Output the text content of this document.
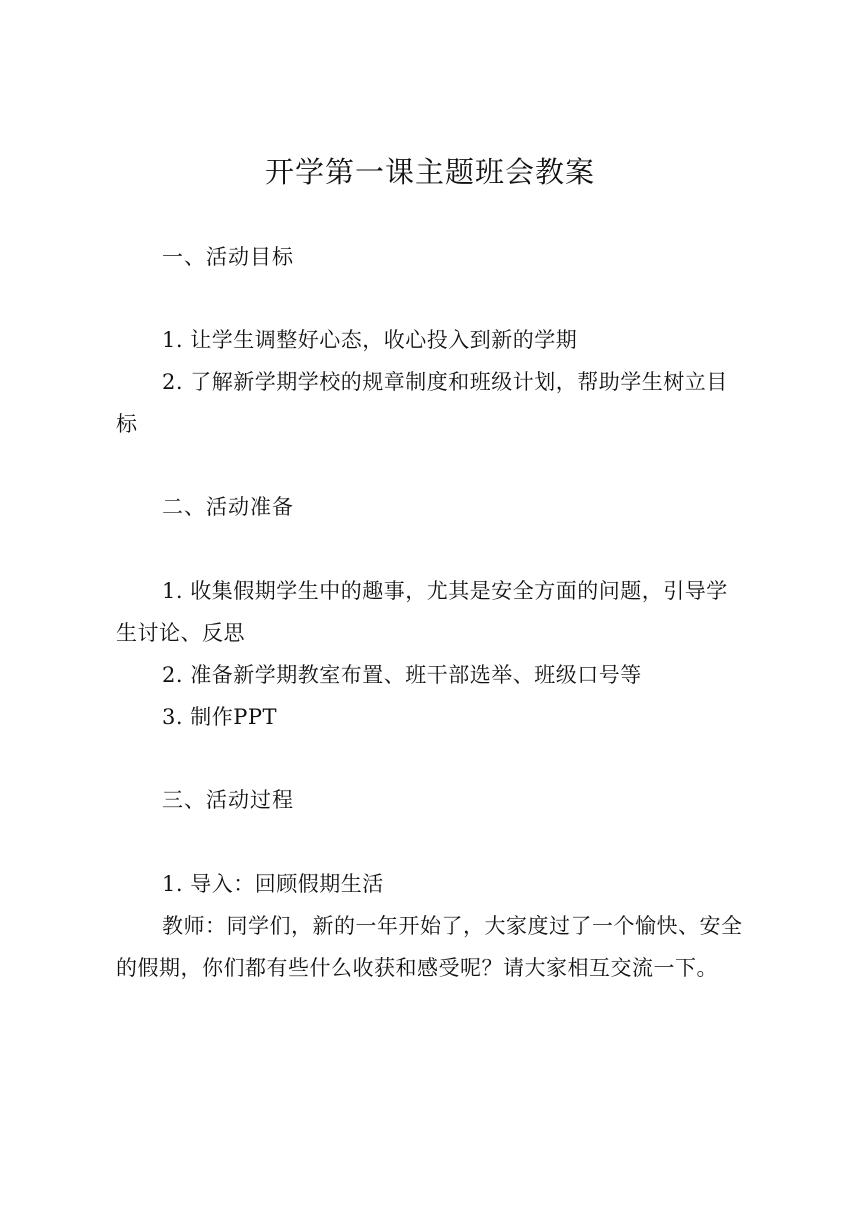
开学第一课主题班会教案
一、活动目标
1. 让学生调整好心态，收心投入到新的学期
2. 了解新学期学校的规章制度和班级计划，帮助学生树立目标
二、活动准备
1. 收集假期学生中的趣事，尤其是安全方面的问题，引导学生讨论、反思
2. 准备新学期教室布置、班干部选举、班级口号等
3. 制作PPT
三、活动过程
1. 导入：回顾假期生活
教师：同学们，新的一年开始了，大家度过了一个愉快、安全的假期，你们都有些什么收获和感受呢？请大家相互交流一下。
